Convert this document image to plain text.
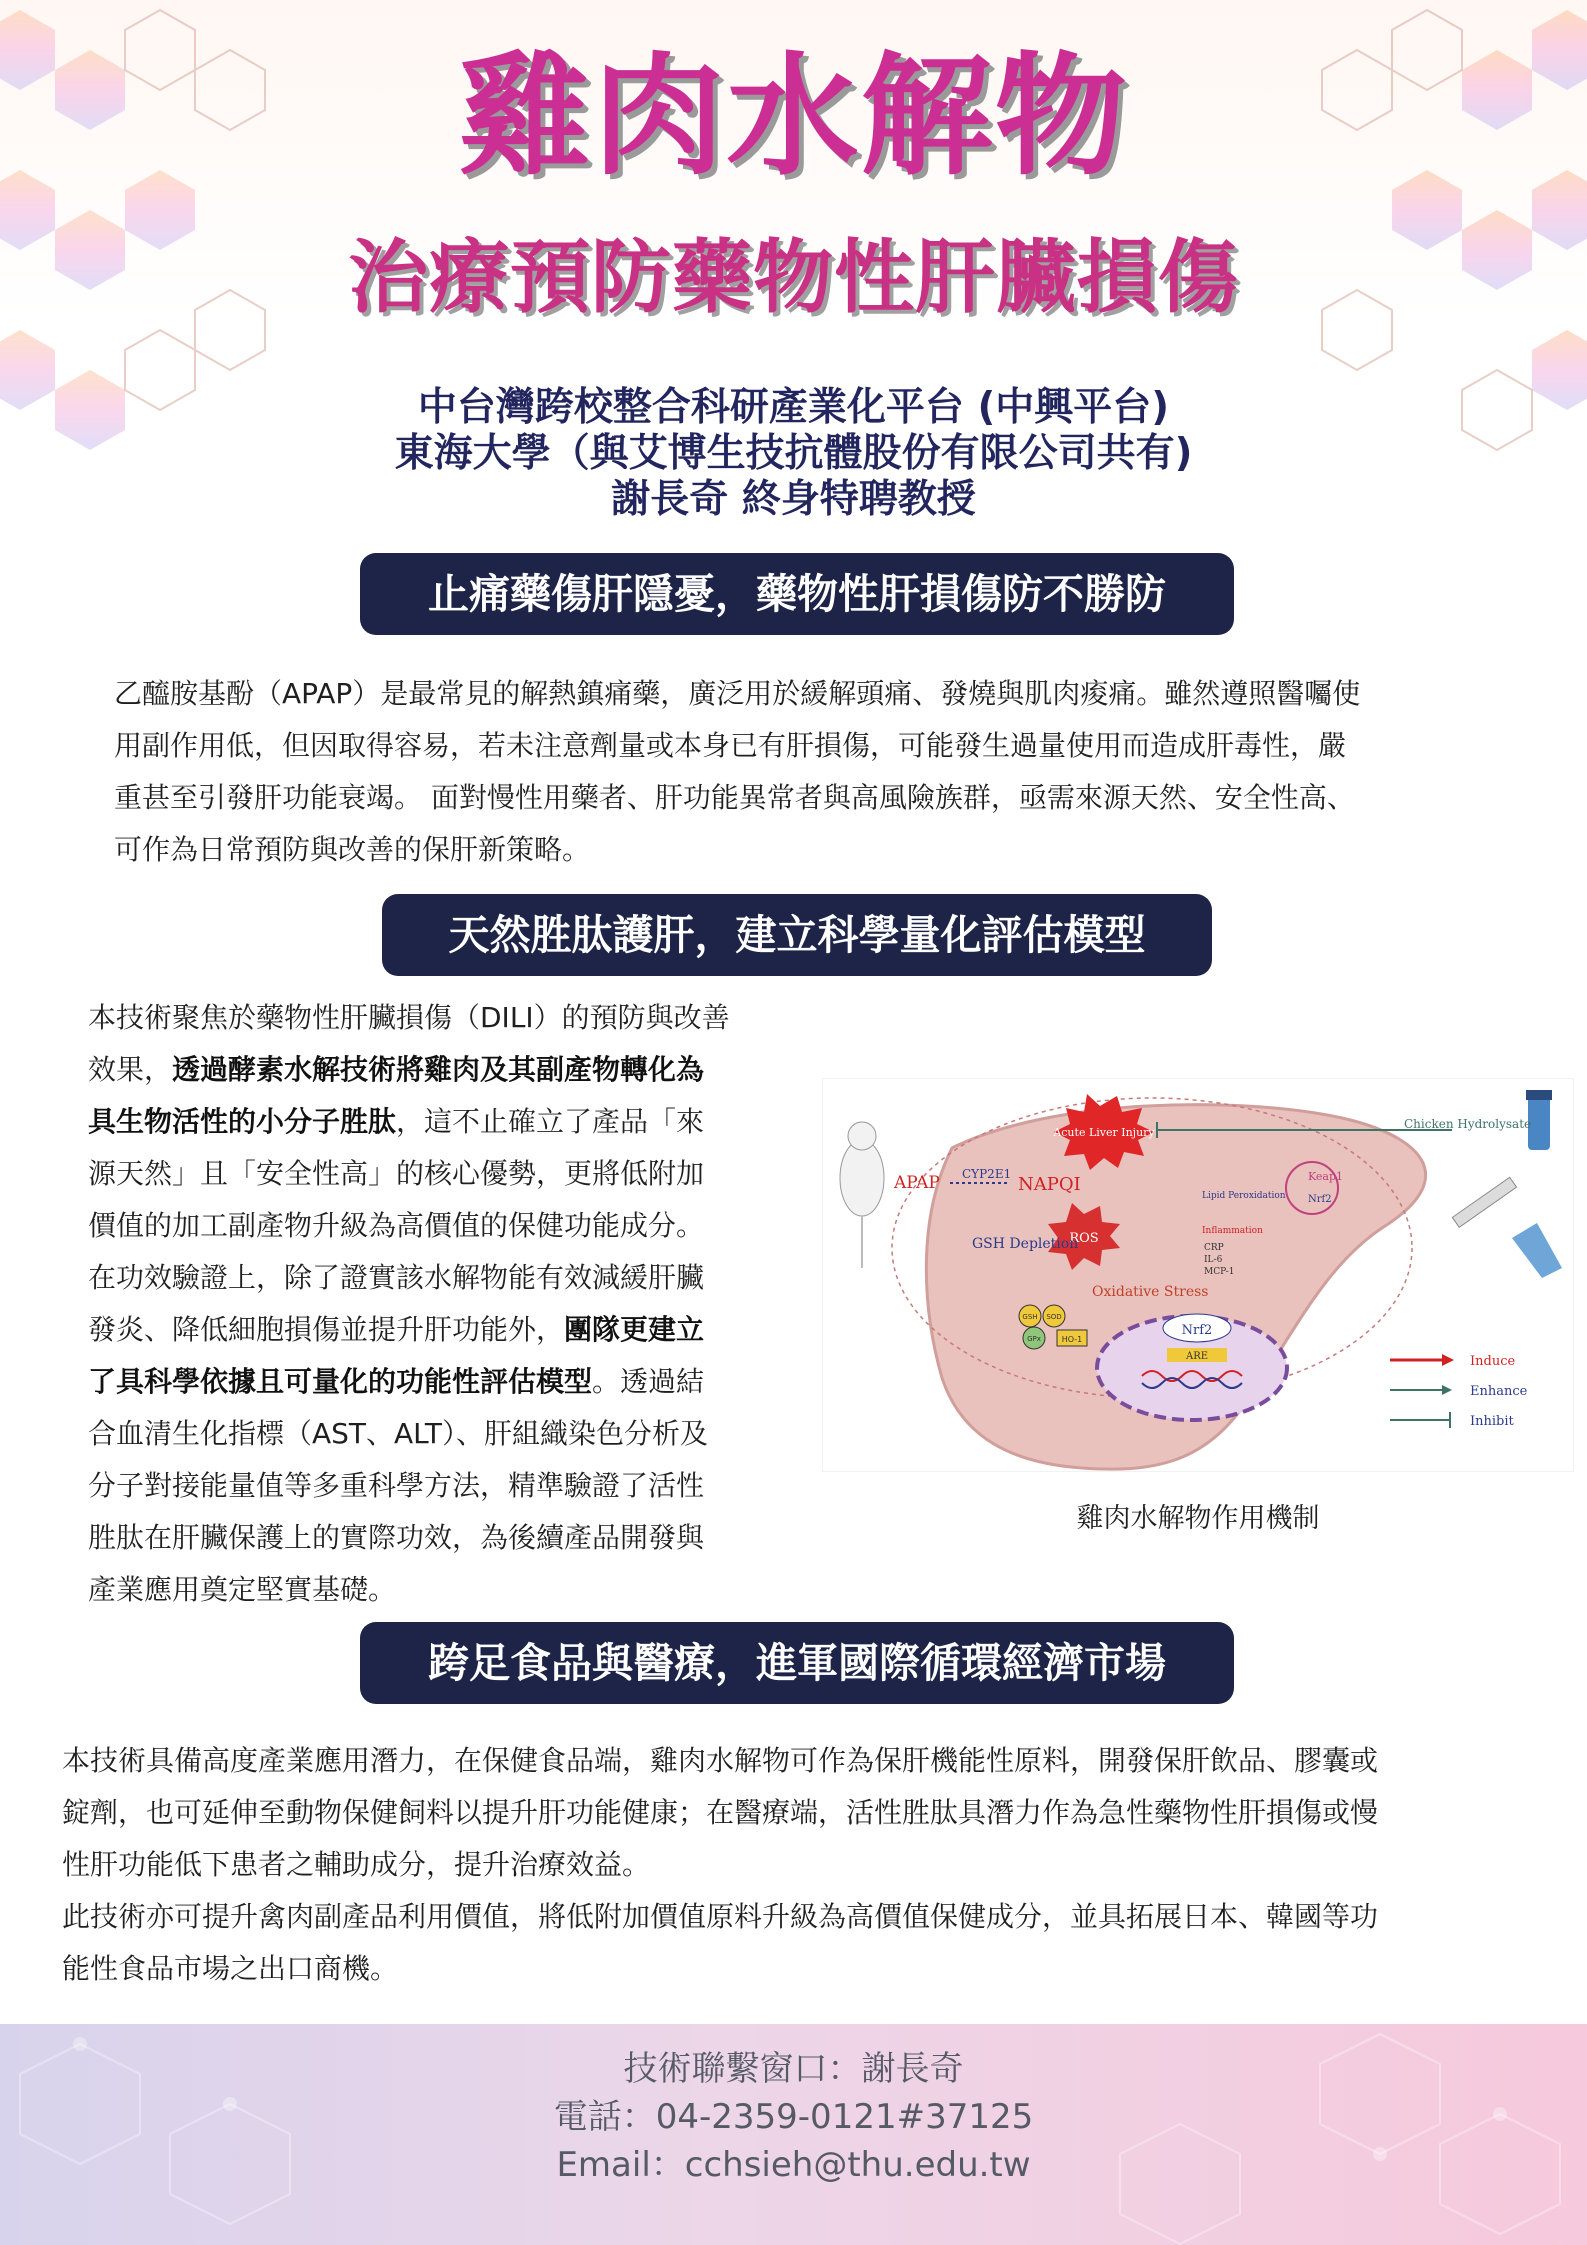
雞肉水解物
治療預防藥物性肝臟損傷
中台灣跨校整合科研產業化平台 (中興平台)
東海大學（與艾博生技抗體股份有限公司共有)
謝長奇 終身特聘教授
止痛藥傷肝隱憂，藥物性肝損傷防不勝防

乙醯胺基酚（APAP）是最常見的解熱鎮痛藥，廣泛用於緩解頭痛、發燒與肌肉痠痛。雖然遵照醫囑使

用副作用低，但因取得容易，若未注意劑量或本身已有肝損傷，可能發生過量使用而造成肝毒性，嚴

重甚至引發肝功能衰竭。 面對慢性用藥者、肝功能異常者與高風險族群，亟需來源天然、安全性高、

可作為日常預防與改善的保肝新策略。

天然胜肽護肝，建立科學量化評估模型

本技術聚焦於藥物性肝臟損傷（DILI）的預防與改善

效果，透過酵素水解技術將雞肉及其副產物轉化為

具生物活性的小分子胜肽，這不止確立了產品「來

源天然」且「安全性高」的核心優勢，更將低附加

價值的加工副產物升級為高價值的保健功能成分。

在功效驗證上，除了證實該水解物能有效減緩肝臟

發炎、降低細胞損傷並提升肝功能外，團隊更建立

了具科學依據且可量化的功能性評估模型。透過結

合血清生化指標（AST、ALT）、肝組織染色分析及

分子對接能量值等多重科學方法，精準驗證了活性

胜肽在肝臟保護上的實際功效，為後續產品開發與

產業應用奠定堅實基礎。

Acute Liver Injury
Chicken Hydrolysate
APAP CYP2E1 NAPQI
Lipid Peroxidation
ROS	Inflammation
CRP
IL-6
MCP-1
Keap1
Nrf2
GSH Depletion
Oxidative Stress
Nrf2
ARE
GSH SOD
GPx	HO-1
Induce
Enhance
Inhibit
雞肉水解物作用機制
跨足食品與醫療，進軍國際循環經濟市場

本技術具備高度產業應用潛力，在保健食品端，雞肉水解物可作為保肝機能性原料，開發保肝飲品、膠囊或

錠劑，也可延伸至動物保健飼料以提升肝功能健康；在醫療端，活性胜肽具潛力作為急性藥物性肝損傷或慢

性肝功能低下患者之輔助成分，提升治療效益。

此技術亦可提升禽肉副產品利用價值，將低附加價值原料升級為高價值保健成分，並具拓展日本、韓國等功

能性食品市場之出口商機。

技術聯繫窗口：謝長奇
電話：04-2359-0121#37125
Email：cchsieh@thu.edu.tw
